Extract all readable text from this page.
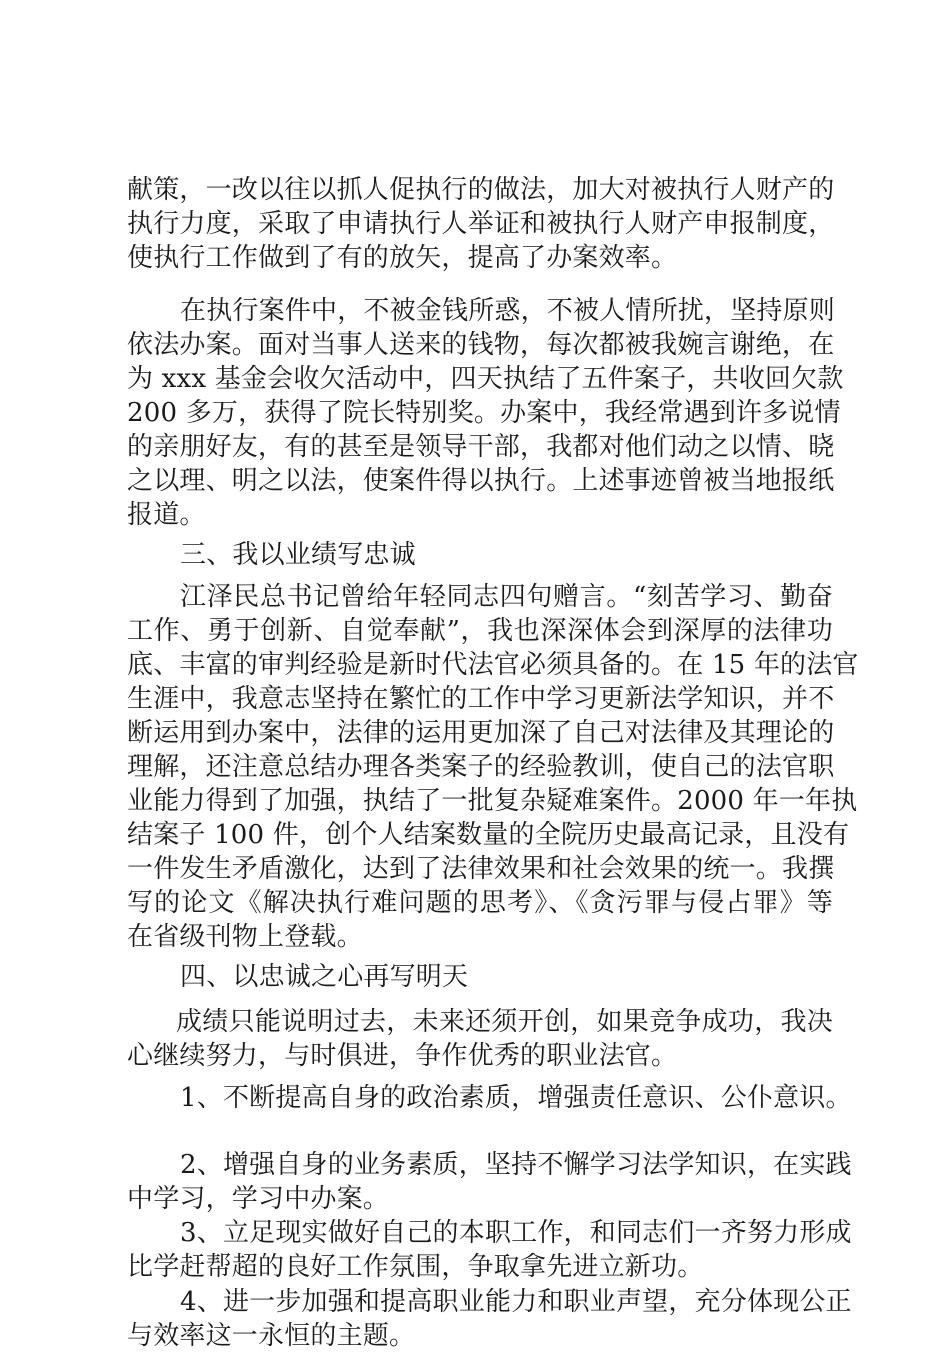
献策，一改以往以抓人促执行的做法，加大对被执行人财产的
执行力度，采取了申请执行人举证和被执行人财产申报制度，
使执行工作做到了有的放矢，提高了办案效率。
在执行案件中，不被金钱所惑，不被人情所扰，坚持原则
依法办案。面对当事人送来的钱物，每次都被我婉言谢绝，在
为 xxx 基金会收欠活动中，四天执结了五件案子，共收回欠款
200 多万，获得了院长特别奖。办案中，我经常遇到许多说情
的亲朋好友，有的甚至是领导干部，我都对他们动之以情、晓
之以理、明之以法，使案件得以执行。上述事迹曾被当地报纸
报道。
三、我以业绩写忠诚
江泽民总书记曾给年轻同志四句赠言。“刻苦学习、勤奋
工作、勇于创新、自觉奉献”，我也深深体会到深厚的法律功
底、丰富的审判经验是新时代法官必须具备的。在 15 年的法官
生涯中，我意志坚持在繁忙的工作中学习更新法学知识，并不
断运用到办案中，法律的运用更加深了自己对法律及其理论的
理解，还注意总结办理各类案子的经验教训，使自己的法官职
业能力得到了加强，执结了一批复杂疑难案件。2000 年一年执
结案子 100 件，创个人结案数量的全院历史最高记录，且没有
一件发生矛盾激化，达到了法律效果和社会效果的统一。我撰
写的论文《解决执行难问题的思考》、《贪污罪与侵占罪》等
在省级刊物上登载。
四、以忠诚之心再写明天
成绩只能说明过去，未来还须开创，如果竞争成功，我决
心继续努力，与时俱进，争作优秀的职业法官。
1、不断提高自身的政治素质，增强责任意识、公仆意识。
2、增强自身的业务素质，坚持不懈学习法学知识，在实践
中学习，学习中办案。
3、立足现实做好自己的本职工作，和同志们一齐努力形成
比学赶帮超的良好工作氛围，争取拿先进立新功。
4、进一步加强和提高职业能力和职业声望，充分体现公正
与效率这一永恒的主题。
